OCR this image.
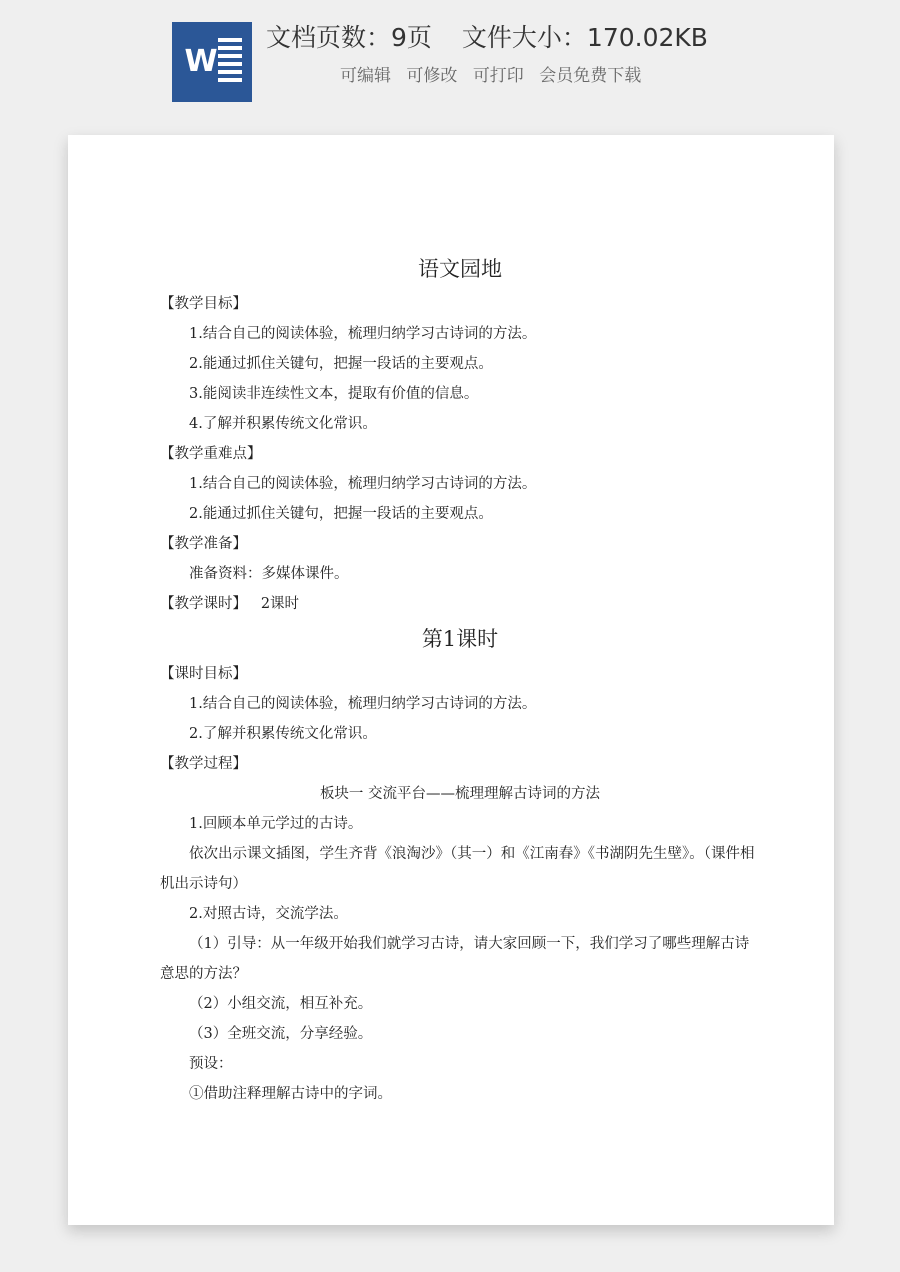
W
文档页数：9页 文件大小：170.02KB
可编辑 可修改 可打印 会员免费下载
语文园地
【教学目标】
1.结合自己的阅读体验，梳理归纳学习古诗词的方法。
2.能通过抓住关键句，把握一段话的主要观点。
3.能阅读非连续性文本，提取有价值的信息。
4.了解并积累传统文化常识。
【教学重难点】
1.结合自己的阅读体验，梳理归纳学习古诗词的方法。
2.能通过抓住关键句，把握一段话的主要观点。
【教学准备】
准备资料：多媒体课件。
【教学课时】 2课时
第1课时
【课时目标】
1.结合自己的阅读体验，梳理归纳学习古诗词的方法。
2.了解并积累传统文化常识。
【教学过程】
板块一 交流平台——梳理理解古诗词的方法
1.回顾本单元学过的古诗。
依次出示课文插图，学生齐背《浪淘沙》（其一）和《江南春》《书湖阴先生壁》。（课件相机出示诗句）
2.对照古诗，交流学法。
（1）引导：从一年级开始我们就学习古诗，请大家回顾一下，我们学习了哪些理解古诗意思的方法？
（2）小组交流，相互补充。
（3）全班交流，分享经验。
预设：
①借助注释理解古诗中的字词。
